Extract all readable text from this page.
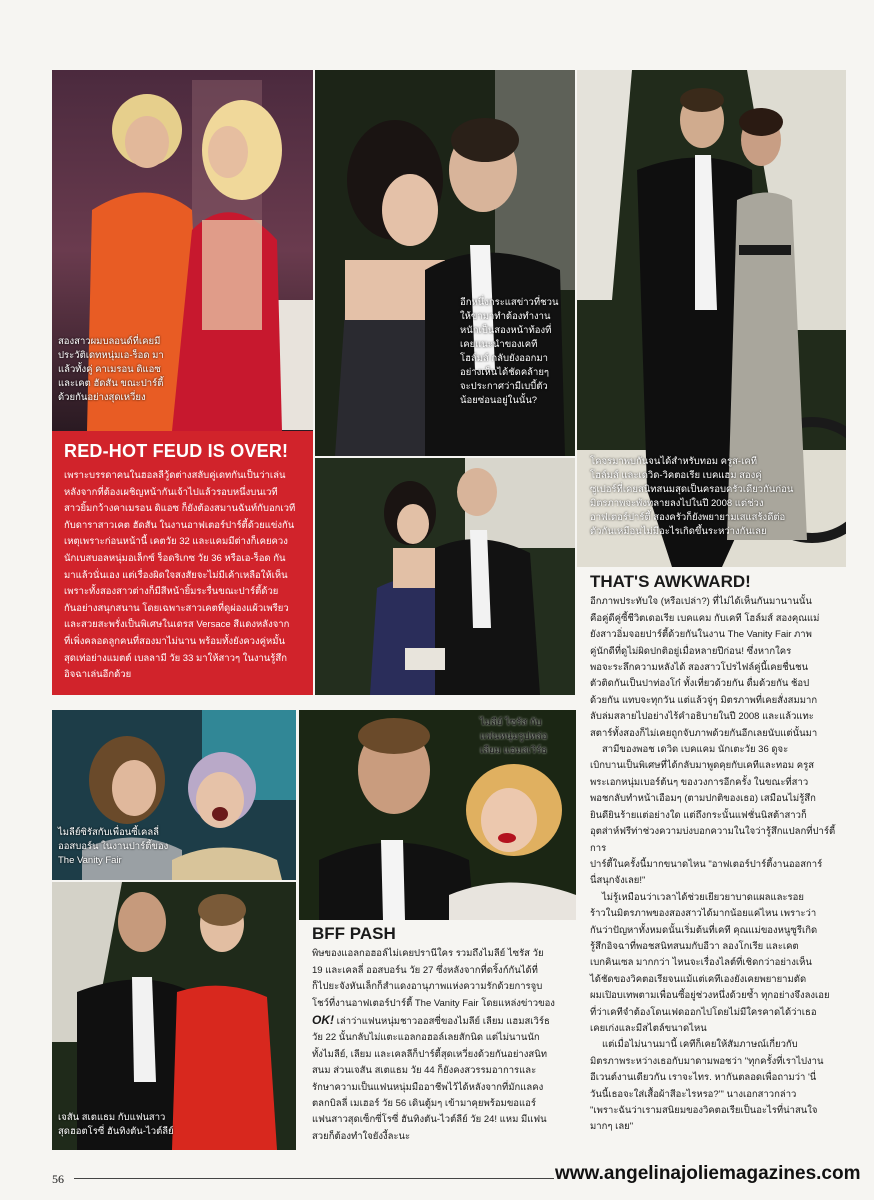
สองสาวผมบลอนด์ที่เคยมี

ประวัติเดทหนุ่มเอ-ร็อด มา

แล้วทั้งคู่ คาเมรอน ดิแอซ

และเคต ฮัดสัน ขณะปาร์ตี้

ด้วยกันอย่างสุดเหวี่ยง

RED-HOT FEUD IS OVER!

เพราะบรรดาคนในฮอลลีวู้ดต่างสลับคู่เดทกันเป็นว่าเล่น

หลังจากที่ต้องเผชิญหน้ากันเจ้าไปแล้วรอบหนึ่งบนเวที

สาวยิ้มกว้างคาเมรอน ดิแอซ ก็ยังต้องสมานฉันท์กับอกเวที

กับดาราสาวเคต ฮัดสัน ในงานอาฟเตอร์ปาร์ตี้ด้วยแข่งกัน

เหตุเพราะก่อนหน้านี้ เคตวัย 32 และแคมมีต่างก็เคยควง

นักเบสบอลหนุ่มอเล็กซ์ ร็อดริเกซ วัย 36 หรือเอ-ร็อด กัน

มาแล้วนั่นเอง แต่เรื่องผิดใจสงสัยจะไม่มีเค้าเหลือให้เห็น

เพราะทั้งสองสาวต่างก็มีสีหน้ายิ้มระรื่นขณะปาร์ตี้ด้วย

กันอย่างสนุกสนาน โดยเฉพาะสาวเคตที่ดูผ่องแผ้วเพรียว

และสวยสะพรั่งเป็นพิเศษในเดรส Versace สีแดงหลังจาก

ที่เพิ่งคลอดลูกคนที่สองมาไม่นาน พร้อมทั้งยังควงคู่หมั้น

สุดเท่อย่างแมตต์ เบลลามี วัย 33 มาให้สาวๆ ในงานรู้สึก

อิจฉาเล่นอีกด้วย

อีกหนึ่งกระแสข่าวที่ชวน

ให้ขามาทำต้องทำงาน

หนักเป็นสองหน้าท้องที่

เคยแนะนำของเคที

โฮล์มส์ กลับยังออกมา

อย่างเห็นได้ชัดคล้ายๆ

จะประกาศว่ามีเบบี้ตัว

น้อยซ่อนอยู่ในนั้น?

โคจรมาพบกันจนได้สำหรับทอม ครูส-เคที

โฮล์มส์ และเดวิด-วิคตอเรีย เบคแฮม สองคู่

ซูเปอร์ที่เคยสนิทสนมสุดเป็นครอบครัวเดียวกันก่อน

มิตรภาพจะพังทลายลงไปในปี 2008 แต่ช่วง

อาฟเตอร์ปาร์ตี้ สองครัวก็ยังพยายามเสแสร้งดีต่อ

ตัวกันเหมือนไม่มีอะไรเกิดขึ้นระหว่างกันเลย

THAT'S AWKWARD!

อีกภาพประทับใจ (หรือเปล่า?) ที่ไม่ได้เห็นกันมานานนั้น

คือคู่ดีคู่ซี้ชีวิตเดอเรีย เบคแคม กับเคที โฮล์มส์ สองคุณแม่

ยังสาวอิ่มจอยปาร์ตี้ด้วยกันในงาน The Vanity Fair ภาพ

คู่นักดีที่ดูไม่ผิดปกติอยู่เมื่อหลายปีก่อน! ซึ่งหากใคร

พอจะระลึกความหลังได้ สองสาวโปรไฟล์คู่นี้เคยชื่นชน

ตัวติดกันเป็นปาท่องโก๋ ทั้งเที่ยวด้วยกัน ดื่มด้วยกัน ช้อป

ด้วยกัน แทบจะทุกวัน แต่แล้วจู่ๆ มิตรภาพที่เคยสั่งสมมาก

ลับล่มสลายไปอย่างไร้คำอธิบายในปี 2008 และแล้วแทะ

สตาร์ทั้งสองก็ไม่เคยถูกจับภาพด้วยกันอีกเลยนับแต่นั้นมา

สามีของพอช เดวิด เบคแคม นักเตะวัย 36 ดูจะ

เบิกบานเป็นพิเศษที่ได้กลับมาพูดคุยกับเคทีและทอม ครูส

พระเอกหนุ่มเบอร์ต้นๆ ของวงการอีกครั้ง ในขณะที่สาว

พอชกลับทำหน้าเอือมๆ (ตามปกติของเธอ) เสมือนไม่รู้สึก

ยินดียินร้ายแต่อย่างใด แต่ถึงกระนั้นแฟชั่นนิสต้าสาวก็

อุตส่าห์ฟรีท่าช่วงความบ่งบอกความในใจว่ารู้สึกแปลกที่ปาร์ตี้การ

ปาร์ตี้ในครั้งนี้มากขนาดไหน "อาฟเตอร์ปาร์ตี้งานออสการ์

นี่สนุกจังเลย!"

ไม่รู้เหมือนว่าเวลาได้ช่วยเยียวยาบาดแผลและรอย

ร้าวในมิตรภาพของสองสาวได้มากน้อยแค่ไหน เพราะว่า

กันว่าปัญหาทั้งหมดนั้นเริ่มต้นที่เคที คุณแม่ของหนูซูรีเกิด

รู้สึกอิจฉาที่พอชสนิทสนมกับอีวา ลองโกเรีย และเคต

เบกคินเซล มากกว่า ไหนจะเรื่องไลต์ที่เชิดกว่าอย่างเห็น

ได้ชัดของวิคตอเรียจนแม้แต่เคทีเองยังเคยพยายามตัด

ผมเปิอบเทพตามเพื่อนซี้อยู่ช่วงหนึ่งด้วยซ้ำ ทุกอย่างจึงลงเอย

ที่ว่าเคทีจำต้องโดนเฟดออกไปโดยไม่มีใครคาดได้ว่าเธอ

เคยเก่งและมีสไตล์ขนาดไหน

แต่เมื่อไม่นานมานี้ เคทีก็เคยให้สัมภาษณ์เกี่ยวกับ

มิตรภาพระหว่างเธอกับมาดามพอชว่า "ทุกครั้งที่เราไปงาน

อีเวนต์งานเดียวกัน เราจะไทร. หากันตลอดเพื่อถามว่า 'นี่

วันนี้เธอจะใส่เสื้อผ้าสีอะไรหรอ?'" นางเอกสาวกล่าว

"เพราะฉันว่าเรามสนิยมของวิคตอเรียเป็นอะไรที่น่าสนใจ

มากๆ เลย"

ไมลีย์ซิรัสกับเพื่อนซี้เคลลี่

ออสบอร์น ในงานปาร์ตี้ของ

The Vanity Fair

เจสัน สเตแธม กับแฟนสาว

สุดฮอตโรซี่ ฮันทิงตัน-ไวต์ลีย์

ไมลีย์ ไซรัส กับ

แฟนหนุ่มรูปหล่อ

เลียม แฮมสเวิร์ธ

BFF PASH

พิษของแอลกอฮอล์ไม่เคยปรานีใคร รวมถึงไมลีย์ ไซรัส วัย

19 และเคลลี่ ออสบอร์น วัย 27 ซึ่งหลังจากที่ดริ้งก์กันได้ที่

ก็ไปยะจังหันเล็กก็สำแดงอานุภาพแห่งความรักด้วยการจูบ

โชว์ที่งานอาฟเตอร์ปาร์ตี้ The Vanity Fair โดยแหล่งข่าวของ

OK! เล่าว่าแฟนหนุ่มชาวออสซี่ของไมลีย์ เลียม แฮมสเวิร์ธ

วัย 22 นั้นกลับไม่แตะแอลกอฮอล์เลยสักนิด แต่ไม่นานนัก

ทั้งไมลีย์, เลียม และเคลลีก็ปาร์ตี้สุดเหวี่ยงด้วยกันอย่างสนิท

สนม ส่วนเจสัน สเตแธม วัย 44 ก็ยังคงสวรรมอาการและ

รักษาความเป็นแฟนหนุ่มมืออาชีพไว้ได้หลังจากที่มักแลคง

ตลกบิลลี่ เมเฮอร์ วัย 56 เดินตู้มๆ เข้ามาคุยพร้อมขอแอร์

แฟนสาวสุดเซ็กซี่โรซี่ ฮันทิงตัน-ไวต์ลีย์ วัย 24! แหม มีแฟน

สวยก็ต้องทำใจยังงี้ละนะ

56	www.angelinajoliemagazines.com
